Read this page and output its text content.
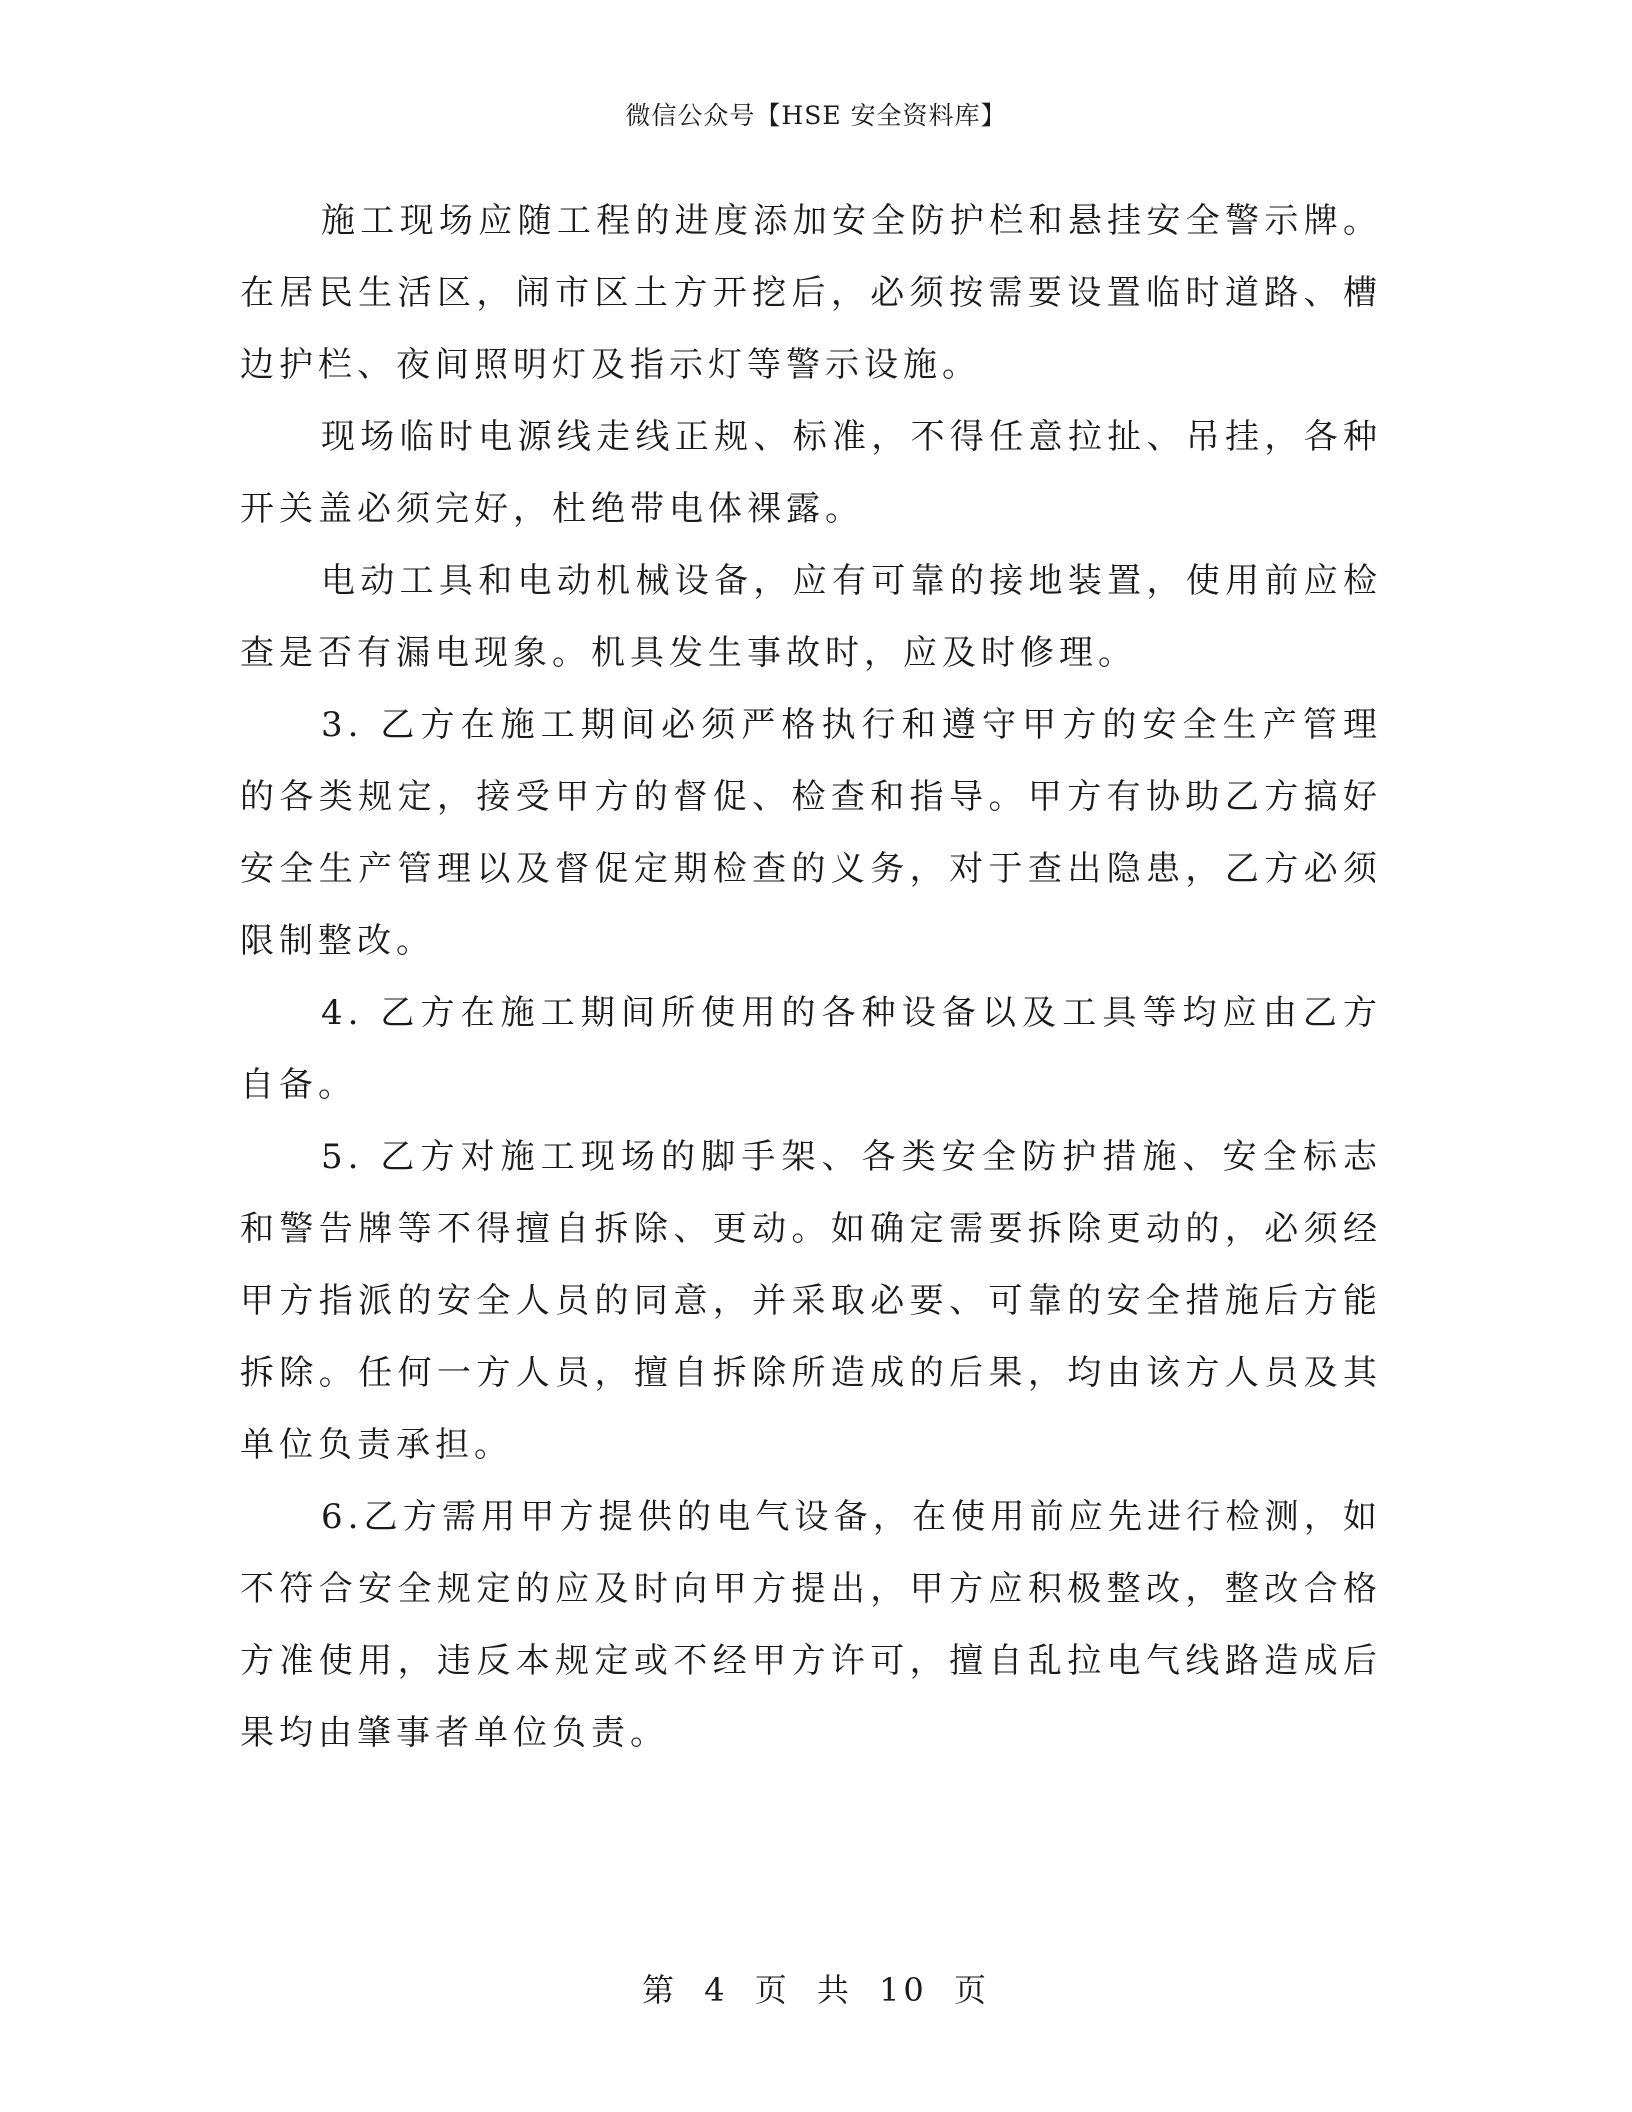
微信公众号【HSE 安全资料库】

施工现场应随工程的进度添加安全防护栏和悬挂安全警示牌。在居民生活区，闹市区土方开挖后，必须按需要设置临时道路、槽边护栏、夜间照明灯及指示灯等警示设施。

现场临时电源线走线正规、标准，不得任意拉扯、吊挂，各种开关盖必须完好，杜绝带电体裸露。

电动工具和电动机械设备，应有可靠的接地装置，使用前应检查是否有漏电现象。机具发生事故时，应及时修理。

3. 乙方在施工期间必须严格执行和遵守甲方的安全生产管理的各类规定，接受甲方的督促、检查和指导。甲方有协助乙方搞好安全生产管理以及督促定期检查的义务，对于查出隐患，乙方必须限制整改。

4. 乙方在施工期间所使用的各种设备以及工具等均应由乙方自备。

5. 乙方对施工现场的脚手架、各类安全防护措施、安全标志和警告牌等不得擅自拆除、更动。如确定需要拆除更动的，必须经甲方指派的安全人员的同意，并采取必要、可靠的安全措施后方能拆除。任何一方人员，擅自拆除所造成的后果，均由该方人员及其单位负责承担。

6.乙方需用甲方提供的电气设备，在使用前应先进行检测，如不符合安全规定的应及时向甲方提出，甲方应积极整改，整改合格方准使用，违反本规定或不经甲方许可，擅自乱拉电气线路造成后果均由肇事者单位负责。

第 4 页 共 10 页
